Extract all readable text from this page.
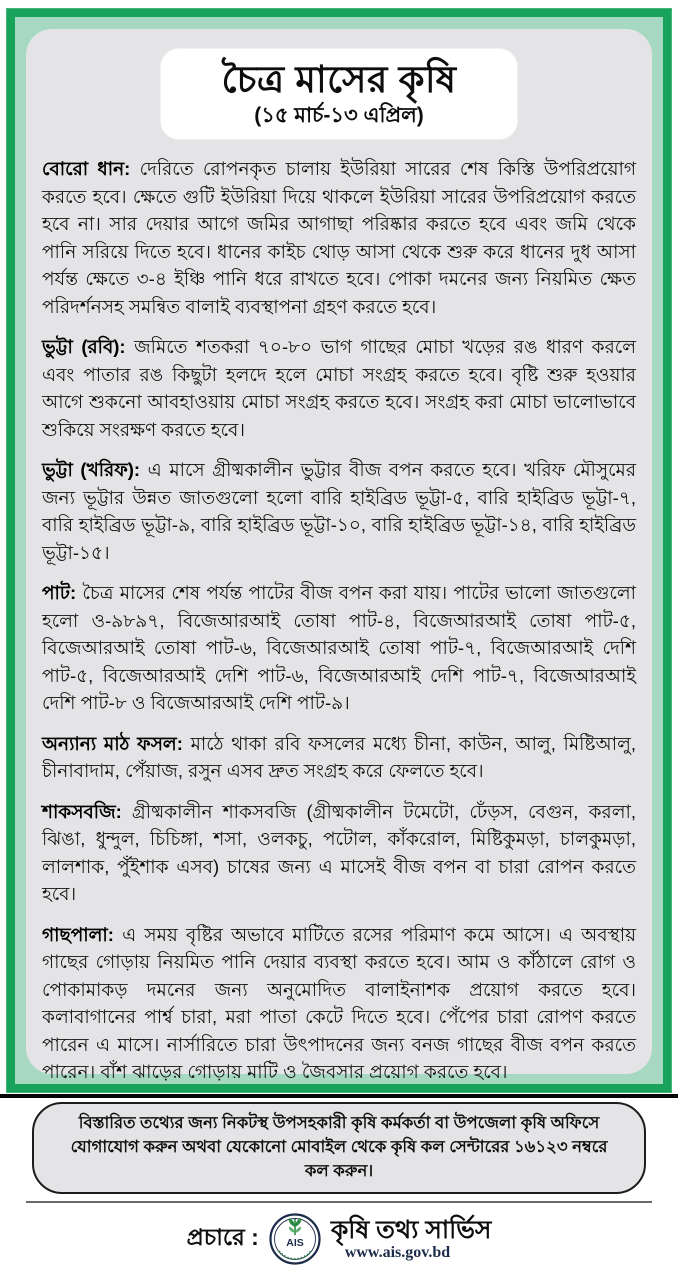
চৈত্র মাসের কৃষি
(১৫ মার্চ-১৩ এপ্রিল)

বোরো ধান: দেরিতে রোপনকৃত চালায় ইউরিয়া সারের শেষ কিস্তি উপরিপ্রয়োগ করতে হবে। ক্ষেতে গুটি ইউরিয়া দিয়ে থাকলে ইউরিয়া সারের উপরিপ্রয়োগ করতে হবে না। সার দেয়ার আগে জমির আগাছা পরিষ্কার করতে হবে এবং জমি থেকে পানি সরিয়ে দিতে হবে। ধানের কাইচ থোড় আসা থেকে শুরু করে ধানের দুধ আসা পর্যন্ত ক্ষেতে ৩-৪ ইঞ্চি পানি ধরে রাখতে হবে। পোকা দমনের জন্য নিয়মিত ক্ষেত পরিদর্শনসহ সমন্বিত বালাই ব্যবস্থাপনা গ্রহণ করতে হবে।

ভুট্টা (রবি): জমিতে শতকরা ৭০-৮০ ভাগ গাছের মোচা খড়ের রঙ ধারণ করলে এবং পাতার রঙ কিছুটা হলদে হলে মোচা সংগ্রহ করতে হবে। বৃষ্টি শুরু হওয়ার আগে শুকনো আবহাওয়ায় মোচা সংগ্রহ করতে হবে। সংগ্রহ করা মোচা ভালোভাবে শুকিয়ে সংরক্ষণ করতে হবে।

ভুট্টা (খরিফ): এ মাসে গ্রীষ্মকালীন ভুট্টার বীজ বপন করতে হবে। খরিফ মৌসুমের জন্য ভূট্টার উন্নত জাতগুলো হলো বারি হাইব্রিড ভূট্টা-৫, বারি হাইব্রিড ভূট্টা-৭, বারি হাইব্রিড ভূট্টা-৯, বারি হাইব্রিড ভূট্টা-১০, বারি হাইব্রিড ভূট্টা-১৪, বারি হাইব্রিড ভূট্টা-১৫।

পাট: চৈত্র মাসের শেষ পর্যন্ত পাটের বীজ বপন করা যায়। পাটের ভালো জাতগুলো হলো ও-৯৮৯৭, বিজেআরআই তোষা পাট-৪, বিজেআরআই তোষা পাট-৫, বিজেআরআই তোষা পাট-৬, বিজেআরআই তোষা পাট-৭, বিজেআরআই দেশি পাট-৫, বিজেআরআই দেশি পাট-৬, বিজেআরআই দেশি পাট-৭, বিজেআরআই দেশি পাট-৮ ও বিজেআরআই দেশি পাট-৯।

অন্যান্য মাঠ ফসল: মাঠে থাকা রবি ফসলের মধ্যে চীনা, কাউন, আলু, মিষ্টিআলু, চীনাবাদাম, পেঁয়াজ, রসুন এসব দ্রুত সংগ্রহ করে ফেলতে হবে।

শাকসবজি: গ্রীষ্মকালীন শাকসবজি (গ্রীষ্মকালীন টমেটো, ঢেঁড়স, বেগুন, করলা, ঝিঙা, ধুন্দুল, চিচিঙ্গা, শসা, ওলকচু, পটোল, কাঁকরোল, মিষ্টিকুমড়া, চালকুমড়া, লালশাক, পুঁইশাক এসব) চাষের জন্য এ মাসেই বীজ বপন বা চারা রোপন করতে হবে।

গাছপালা: এ সময় বৃষ্টির অভাবে মাটিতে রসের পরিমাণ কমে আসে। এ অবস্থায় গাছের গোড়ায় নিয়মিত পানি দেয়ার ব্যবস্থা করতে হবে। আম ও কাঁঠালে রোগ ও পোকামাকড় দমনের জন্য অনুমোদিত বালাইনাশক প্রয়োগ করতে হবে। কলাবাগানের পার্শ্ব চারা, মরা পাতা কেটে দিতে হবে। পেঁপের চারা রোপণ করতে পারেন এ মাসে। নার্সারিতে চারা উৎপাদনের জন্য বনজ গাছের বীজ বপন করতে পারেন। বাঁশ ঝাড়ের গোড়ায় মাটি ও জৈবসার প্রয়োগ করতে হবে।

বিস্তারিত তথ্যের জন্য নিকটস্থ উপসহকারী কৃষি কর্মকর্তা বা উপজেলা কৃষি অফিসে যোগাযোগ করুন অথবা যেকোনো মোবাইল থেকে কৃষি কল সেন্টারের ১৬১২৩ নম্বরে কল করুন।
প্রচারে :	AIS কৃষি তথ্য সার্ভিস
www.ais.gov.bd
